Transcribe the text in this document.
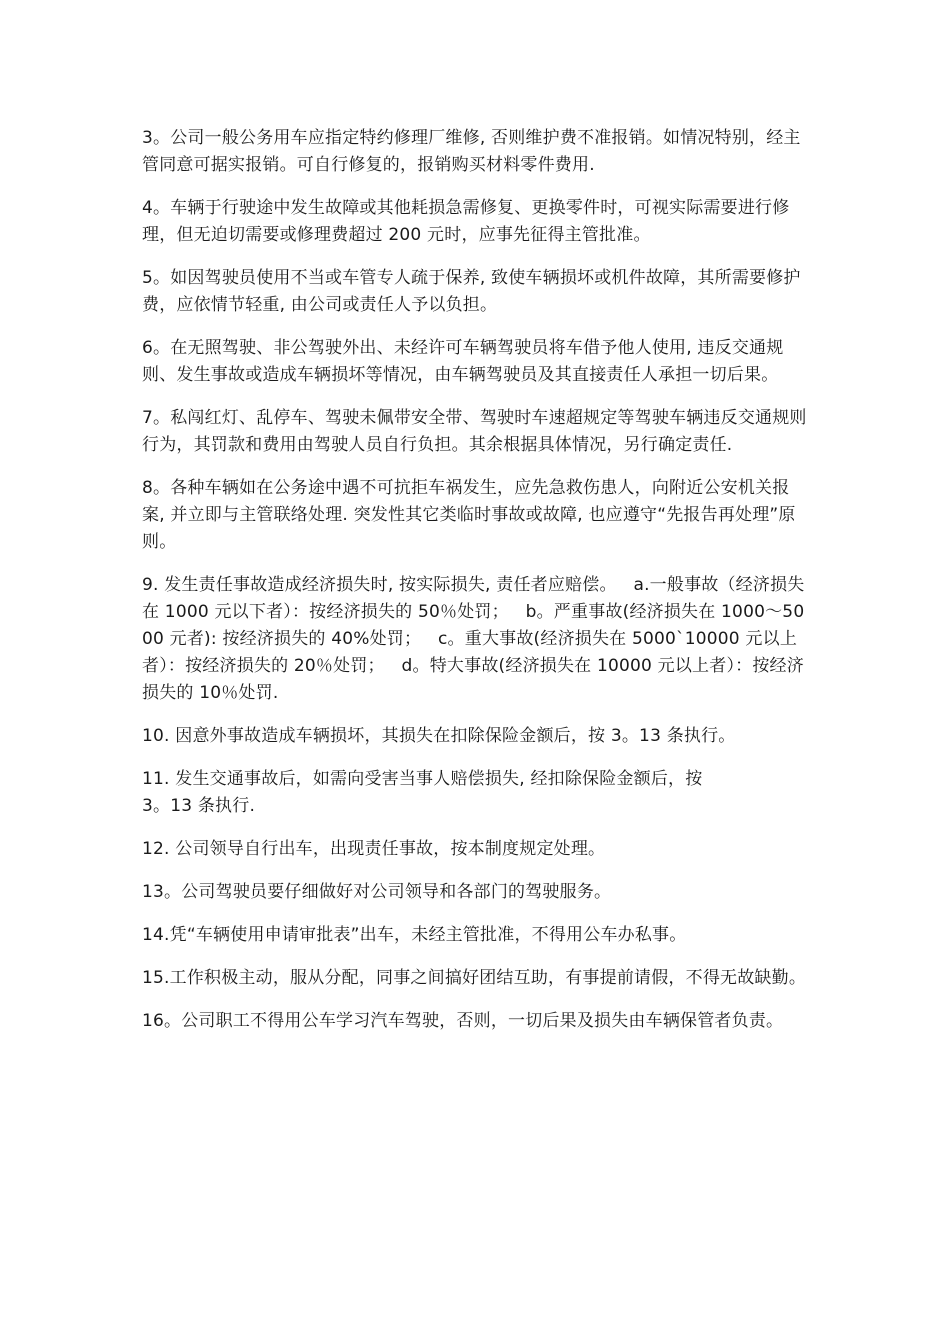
3。公司一般公务用车应指定特约修理厂维修, 否则维护费不准报销。如情况特别，经主管同意可据实报销。可自行修复的，报销购买材料零件费用.

4。车辆于行驶途中发生故障或其他耗损急需修复、更换零件时，可视实际需要进行修理，但无迫切需要或修理费超过 200 元时，应事先征得主管批准。

5。如因驾驶员使用不当或车管专人疏于保养, 致使车辆损坏或机件故障，其所需要修护费，应依情节轻重, 由公司或责任人予以负担。

6。在无照驾驶、非公驾驶外出、未经许可车辆驾驶员将车借予他人使用, 违反交通规则、发生事故或造成车辆损坏等情况，由车辆驾驶员及其直接责任人承担一切后果。

7。私闯红灯、乱停车、驾驶未佩带安全带、驾驶时车速超规定等驾驶车辆违反交通规则行为，其罚款和费用由驾驶人员自行负担。其余根据具体情况，另行确定责任.

8。各种车辆如在公务途中遇不可抗拒车祸发生，应先急救伤患人，向附近公安机关报案, 并立即与主管联络处理. 突发性其它类临时事故或故障, 也应遵守“先报告再处理”原则。

9. 发生责任事故造成经济损失时, 按实际损失, 责任者应赔偿。   a.一般事故（经济损失在 1000 元以下者）：按经济损失的 50％处罚；   b。严重事故(经济损失在 1000～5000 元者): 按经济损失的 40%处罚；   c。重大事故(经济损失在 5000ˋ10000 元以上者）：按经济损失的 20％处罚；   d。特大事故(经济损失在 10000 元以上者）：按经济损失的 10％处罚.

10. 因意外事故造成车辆损坏，其损失在扣除保险金额后，按 3。13 条执行。

11. 发生交通事故后，如需向受害当事人赔偿损失, 经扣除保险金额后，按
3。13 条执行.

12. 公司领导自行出车，出现责任事故，按本制度规定处理。

13。公司驾驶员要仔细做好对公司领导和各部门的驾驶服务。

14.凭“车辆使用申请审批表”出车，未经主管批准，不得用公车办私事。

15.工作积极主动，服从分配，同事之间搞好团结互助，有事提前请假，不得无故缺勤。

16。公司职工不得用公车学习汽车驾驶，否则，一切后果及损失由车辆保管者负责。
